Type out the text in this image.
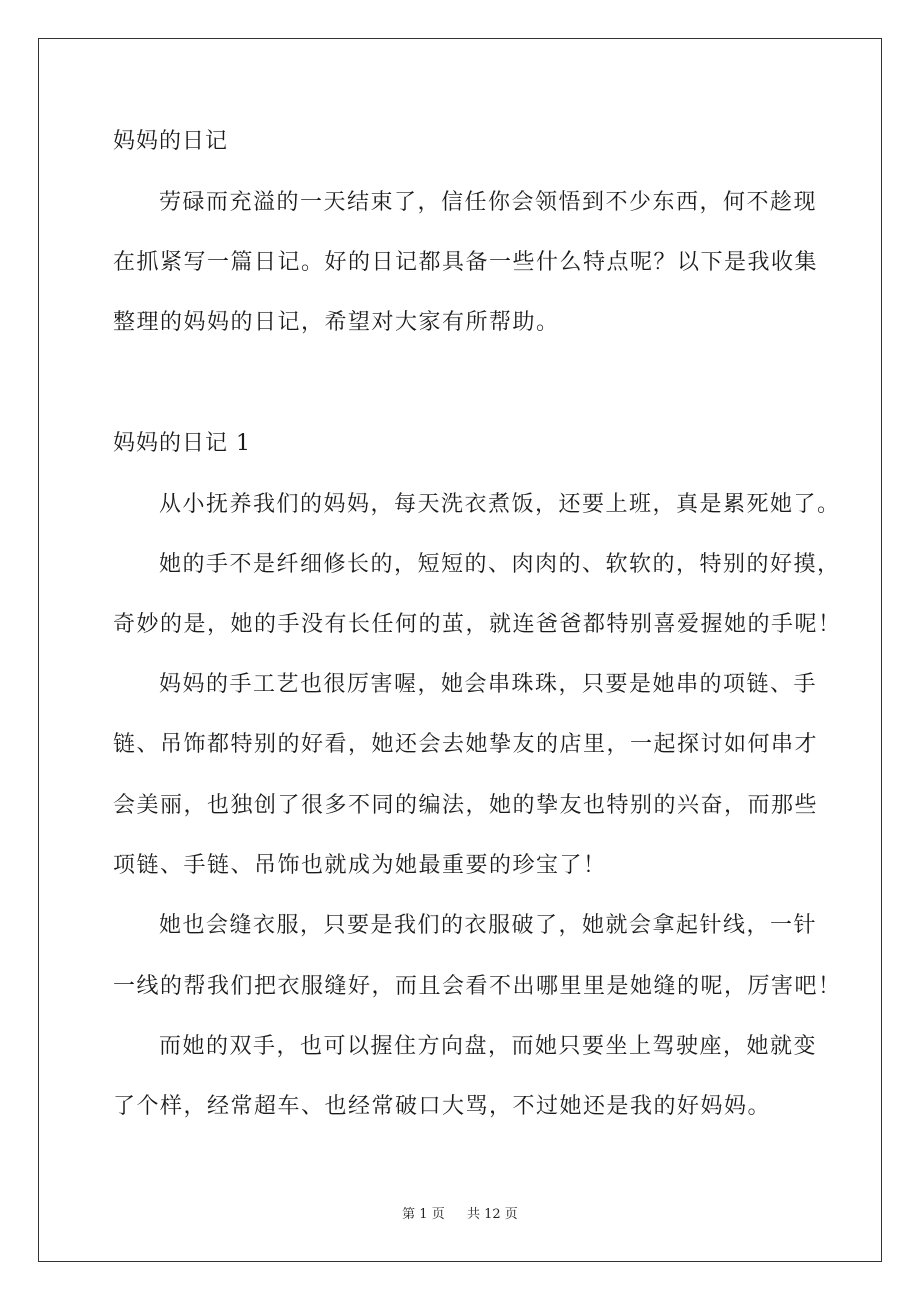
妈妈的日记
劳碌而充溢的一天结束了，信任你会领悟到不少东西，何不趁现
在抓紧写一篇日记。好的日记都具备一些什么特点呢？以下是我收集
整理的妈妈的日记，希望对大家有所帮助。
妈妈的日记 1
从小抚养我们的妈妈，每天洗衣煮饭，还要上班，真是累死她了。
她的手不是纤细修长的，短短的、肉肉的、软软的，特别的好摸，
奇妙的是，她的手没有长任何的茧，就连爸爸都特别喜爱握她的手呢！
妈妈的手工艺也很厉害喔，她会串珠珠，只要是她串的项链、手
链、吊饰都特别的好看，她还会去她挚友的店里，一起探讨如何串才
会美丽，也独创了很多不同的编法，她的挚友也特别的兴奋，而那些
项链、手链、吊饰也就成为她最重要的珍宝了！
她也会缝衣服，只要是我们的衣服破了，她就会拿起针线，一针
一线的帮我们把衣服缝好，而且会看不出哪里里是她缝的呢，厉害吧！
而她的双手，也可以握住方向盘，而她只要坐上驾驶座，她就变
了个样，经常超车、也经常破口大骂，不过她还是我的好妈妈。
第 1 页 共 12 页
